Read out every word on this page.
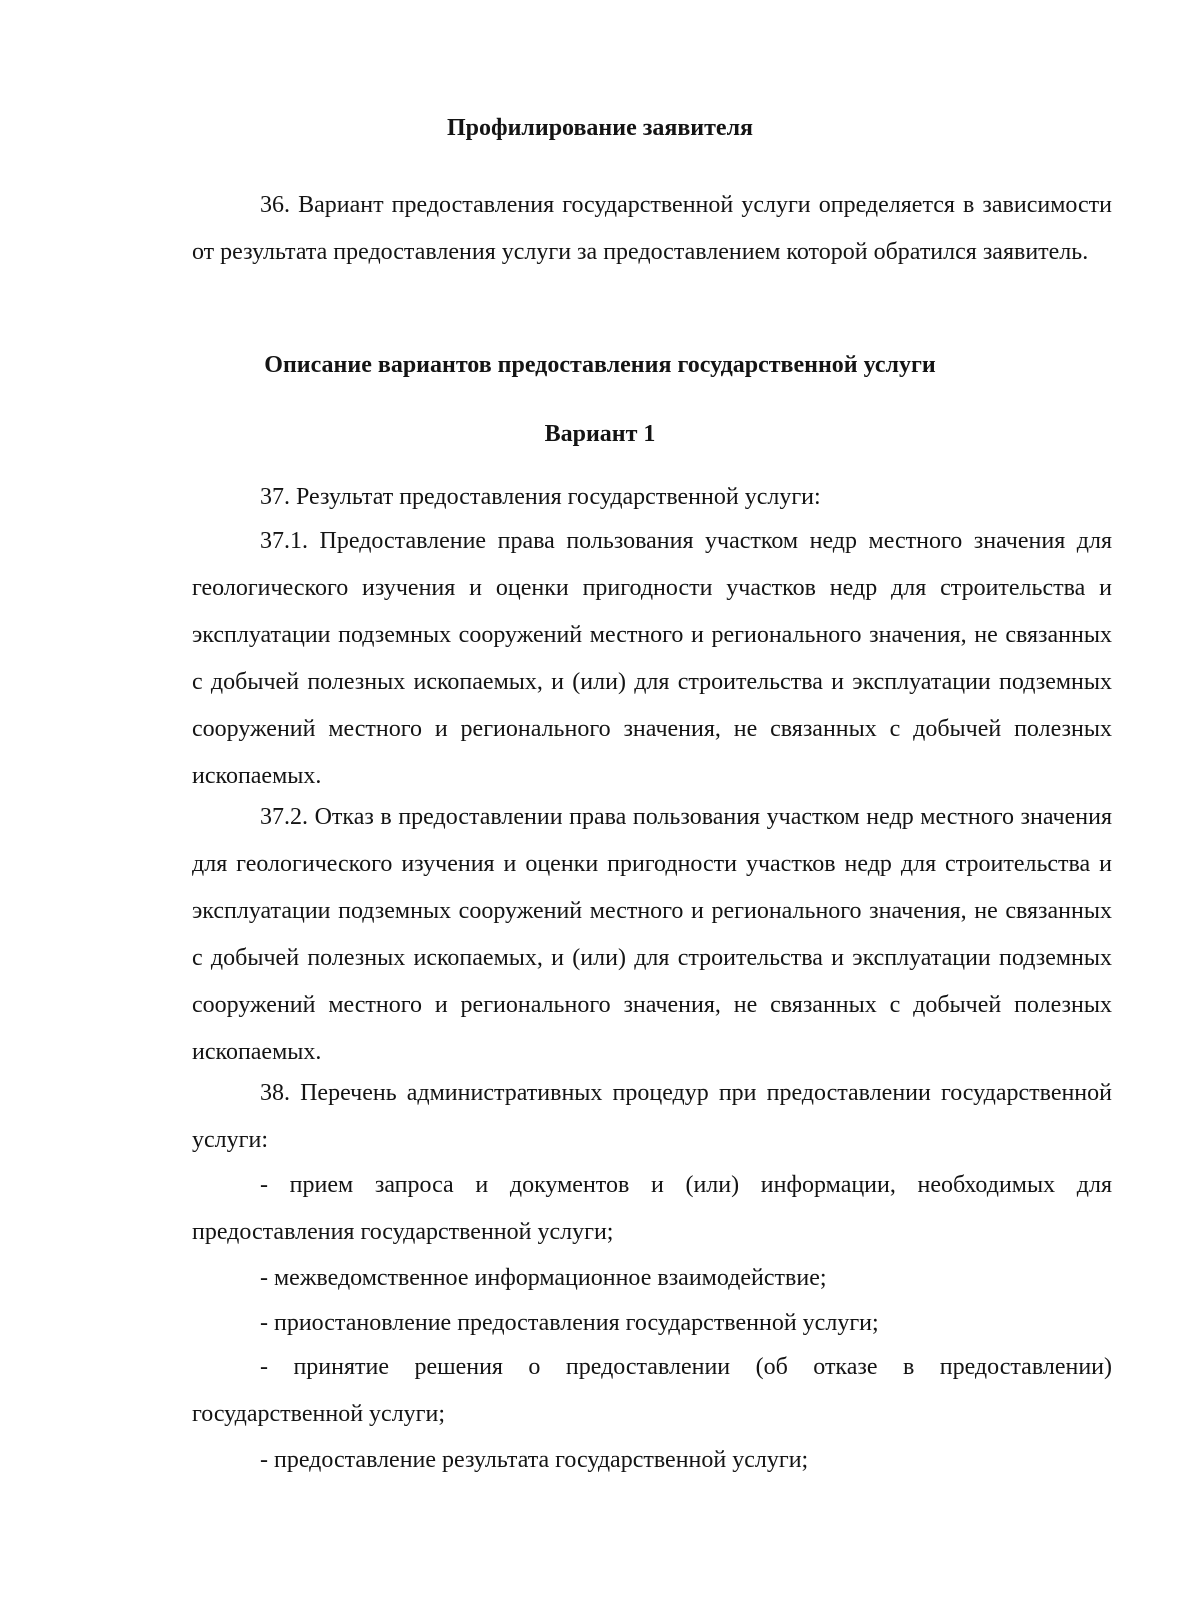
Профилирование заявителя

36. Вариант предоставления государственной услуги определяется в зависимости от результата предоставления услуги за предоставлением которой обратился заявитель.

Описание вариантов предоставления государственной услуги
Вариант 1
37. Результат предоставления государственной услуги:

37.1. Предоставление права пользования участком недр местного значения для геологического изучения и оценки пригодности участков недр для строительства и эксплуатации подземных сооружений местного и регионального значения, не связанных с добычей полезных ископаемых, и (или) для строительства и эксплуатации подземных сооружений местного и регионального значения, не связанных с добычей полезных ископаемых.

37.2. Отказ в предоставлении права пользования участком недр местного значения для геологического изучения и оценки пригодности участков недр для строительства и эксплуатации подземных сооружений местного и регионального значения, не связанных с добычей полезных ископаемых, и (или) для строительства и эксплуатации подземных сооружений местного и регионального значения, не связанных с добычей полезных ископаемых.

38. Перечень административных процедур при предоставлении государственной услуги:

- прием запроса и документов и (или) информации, необходимых для предоставления государственной услуги;

- межведомственное информационное взаимодействие;
- приостановление предоставления государственной услуги;

- принятие решения о предоставлении (об отказе в предоставлении) государственной услуги;

- предоставление результата государственной услуги;
